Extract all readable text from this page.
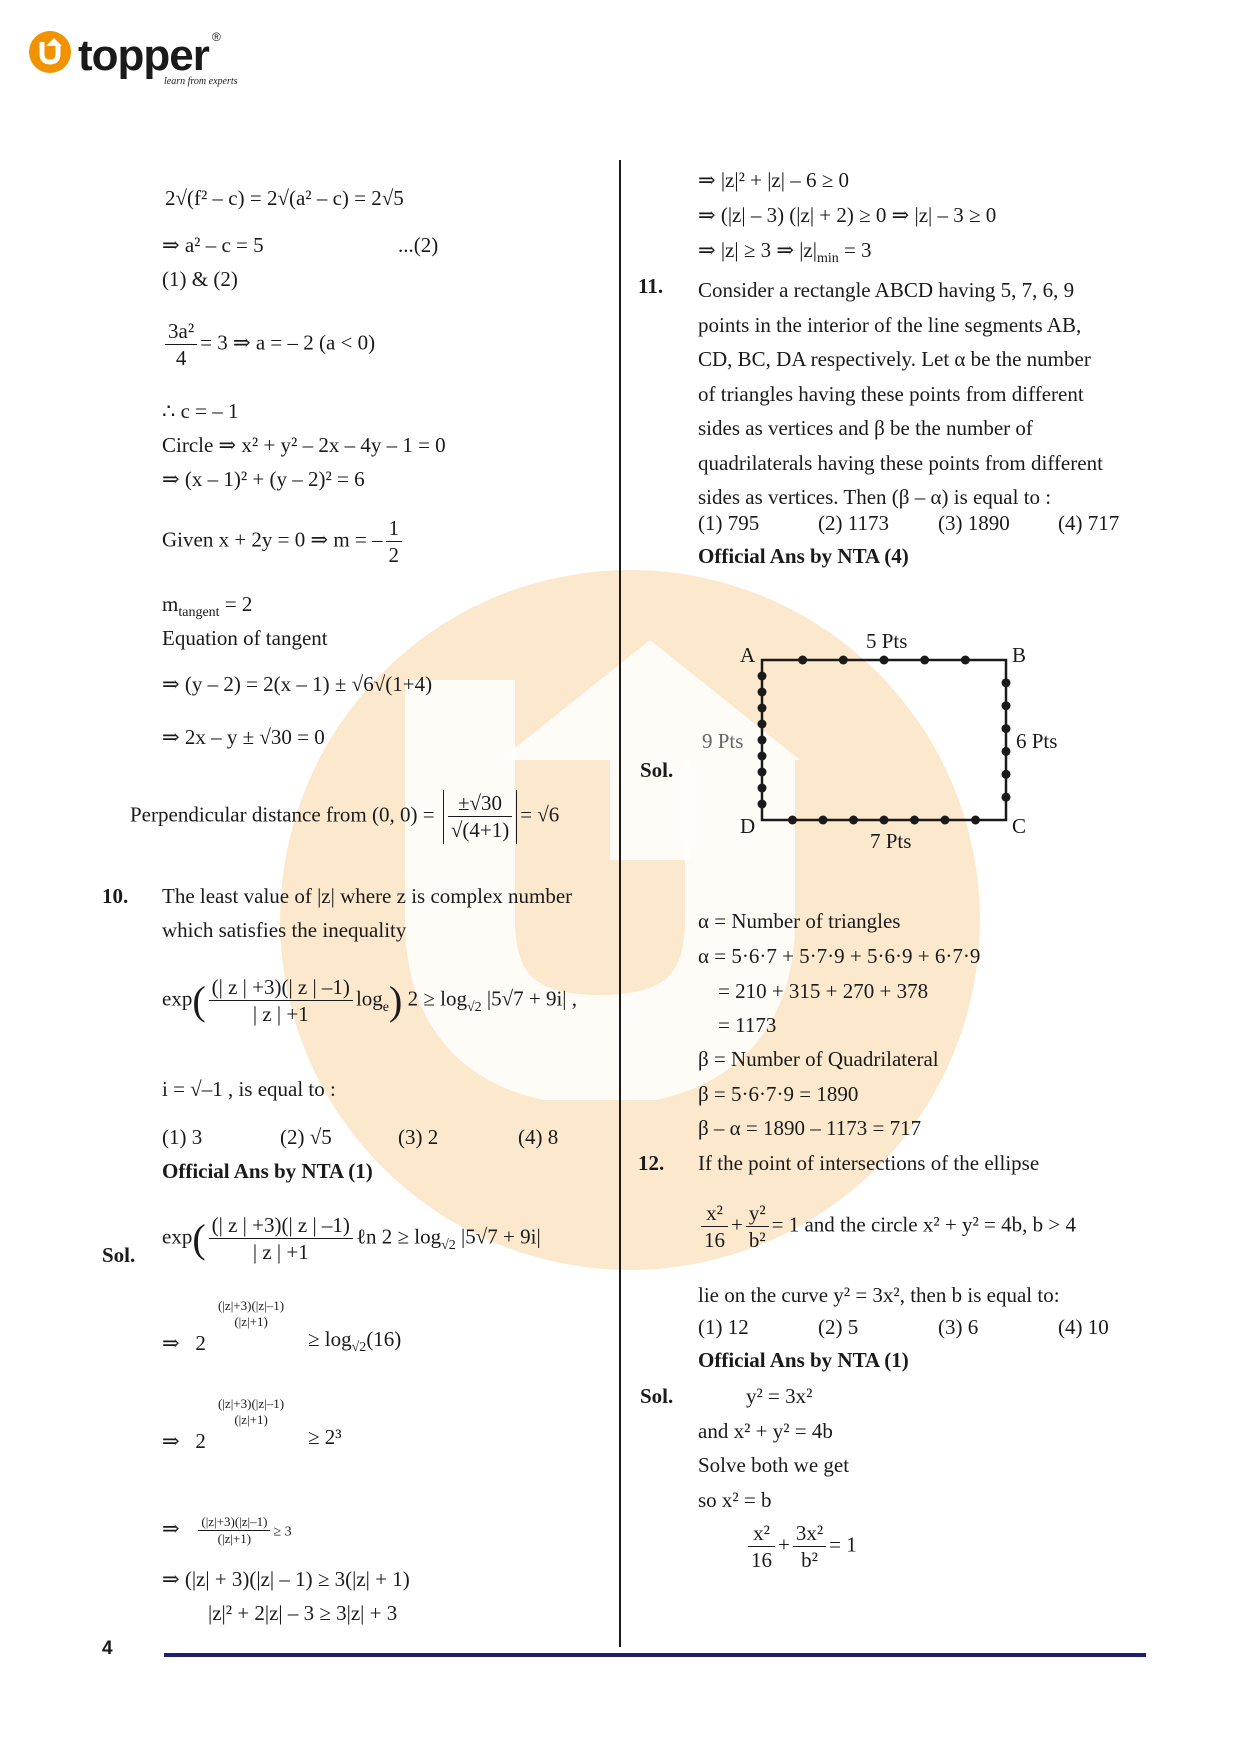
topper ®
learn from experts
2√(f² – c) = 2√(a² – c) = 2√5
⇒ a² – c = 5	...(2)
(1) & (2)
$\frac{\text{3a²}}{4} = 3$ ⇒ a = – 2 (a < 0)
∴ c = – 1
Circle ⇒ x² + y² – 2x – 4y – 1 = 0
⇒ (x – 1)² + (y – 2)² = 6
Given x + 2y = 0 ⇒ m = – $\frac{1}{2}$
$m_{tangent} = 2$
Equation of tangent
⇒ (y – 2) = 2(x – 1) ± √6√(1+4)
⇒ 2x – y ± √30 = 0
Perpendicular distance from (0, $0) = \frac{\pm√30}{√(4+1)} = √6$
10. The least value of |z| where z is complex number
which satisfies the inequality
$\exp( \frac{(| z | +3)(| z | -1)}{| z | +1} \log_e)$ $2 \ge \log_{√2} |5√7 + 9i|$ ,
i = √–1 , is equal to :
(1) 3	(2) √5	(3) 2	(4) 8
Official Ans by NTA (1)
Sol.
$\exp( \frac{(| z | +3)(| z | -1)}{| z | +1}$ ℓn $2 \ge \log_{√2} |5√7 + 9i|$
⇒ 2
(|z|+3)(|z|–1)
(|z|+1)
≥ $\log_{√2}(16)$
⇒ 2
(|z|+3)(|z|–1)
(|z|+1)
≥ 2³
⇒ $\frac{(|z|+3)(|z|-1)}{(|z|+1)} \ge 3$
⇒ (|z| + 3)(|z| – 1) ≥ 3(|z| + 1)
|z|² + 2|z| – 3 ≥ 3|z| + 3
⇒ |z|² + |z| – 6 ≥ 0
⇒ (|z| – 3) (|z| + 2) ≥ 0 ⇒ |z| – 3 ≥ 0
⇒ |z| ≥ 3 ⇒ $|z|_{min} = 3$
11. Consider a rectangle ABCD having 5, 7, 6, 9
points in the interior of the line segments AB,
CD, BC, DA respectively. Let α be the number
of triangles having these points from different
sides as vertices and β be the number of
quadrilaterals having these points from different
sides as vertices. Then (β – α) is equal to :
(1) 795	(2) 1173 (3) 1890 (4) 717
Official Ans by NTA (4)
Sol.
A	B
C
D
5 Pts
6 Pts
7 Pts
9 Pts
α = Number of triangles
α = 5·6·7 + 5·7·9 + 5·6·9 + 6·7·9
= 210 + 315 + 270 + 378
= 1173
β = Number of Quadrilateral
β = 5·6·7·9 = 1890
β – α = 1890 – 1173 = 717
12. If the point of intersections of the ellipse
$\frac{\text{x²}}{16} + \frac{\text{y²}}{\text{b²}} = 1$ and the circle x² + y² = 4b, b > 4
lie on the curve y² = 3x², then b is equal to:
(1) 12	(2) 5	(3) 6	(4) 10
Official Ans by NTA (1)
Sol.	y² = 3x²
and x² + y² = 4b
Solve both we get
so x² = b
$\frac{\text{x²}}{16} + \frac{\text{3x²}}{\text{b²}} = 1$
4
